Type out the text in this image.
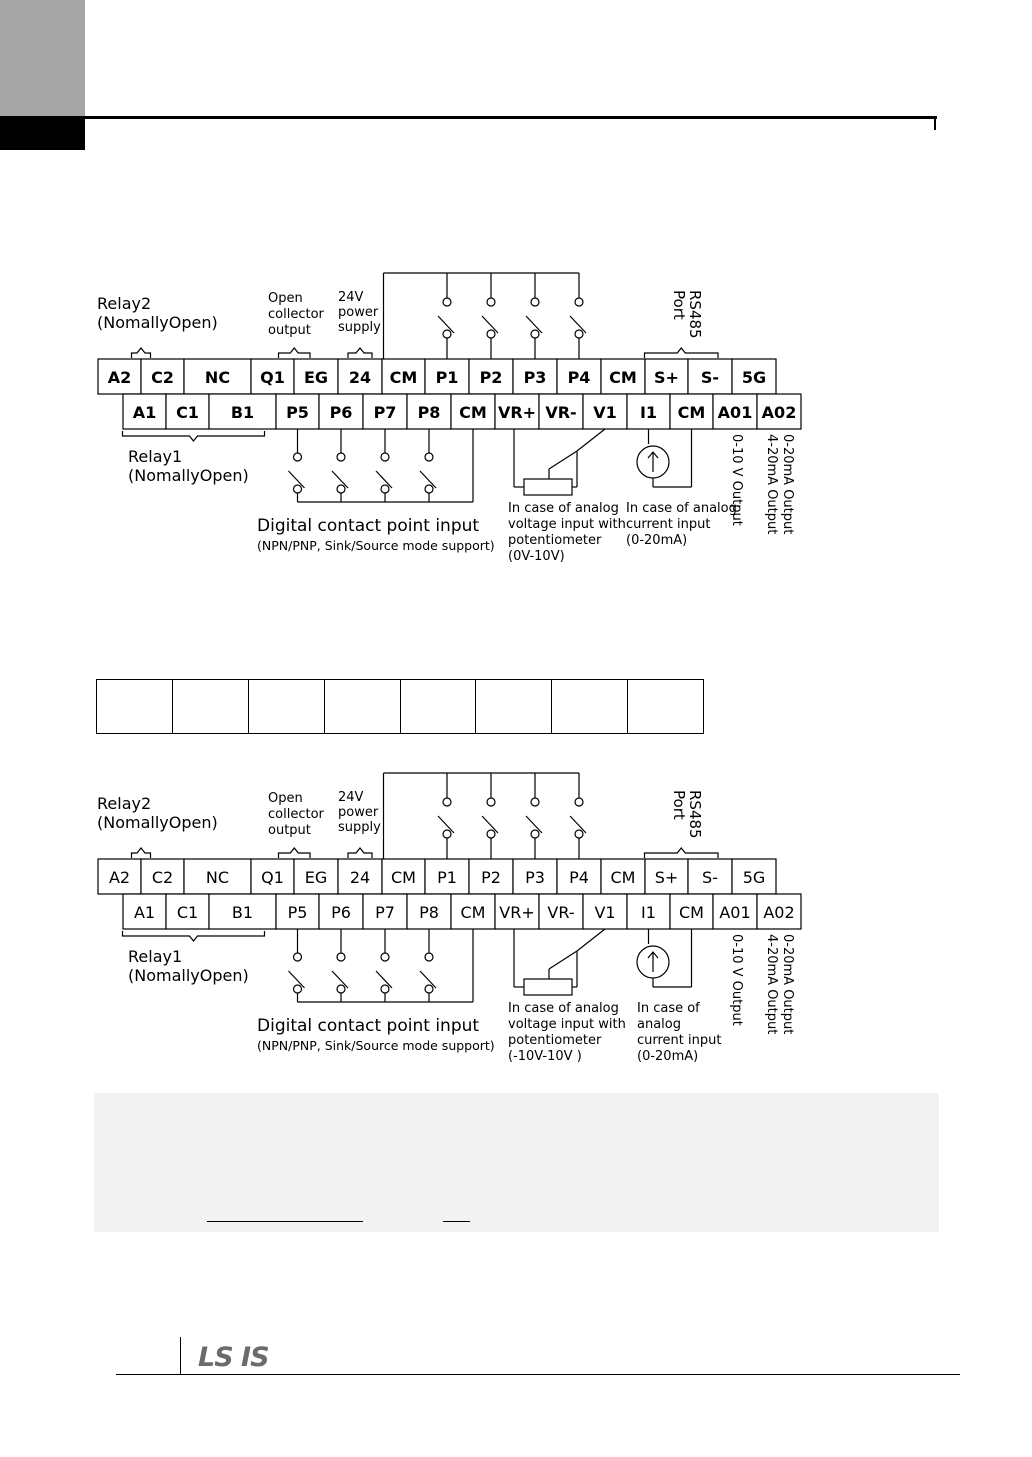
A2 C2 NC Q1 EG 24 CM P1 P2 P3 P4 CM S+ S- 5G
A1 C1 B1 P5 P6 P7 P8 CM VR+ VR- V1 I1 CM A01 A02
Relay2
(NomallyOpen)
Open
collector
output
24V
power
supply	RS485
Port
Relay1
(NomallyOpen)
Digital contact point input
(NPN/PNP, Sink/Source mode support)
In case of analog
voltage input with
potentiometer
(0V-10V)
In case of analog
current input
(0-20mA)
0-10 V Output	0-20mA Output
4-20mA Output

A2 C2 NC Q1 EG 24 CM P1 P2 P3 P4 CM S+ S- 5G
A1 C1 B1 P5 P6 P7 P8 CM VR+ VR- V1 I1 CM A01 A02
Relay2
(NomallyOpen)
Open
collector
output
24V
power
supply	RS485
Port
Relay1
(NomallyOpen)
Digital contact point input
(NPN/PNP, Sink/Source mode support)
In case of analog
voltage input with
potentiometer
(-10V-10V )
In case of
analog
current input
(0-20mA)
0-10 V Output	0-20mA Output
4-20mA Output
LS IS
